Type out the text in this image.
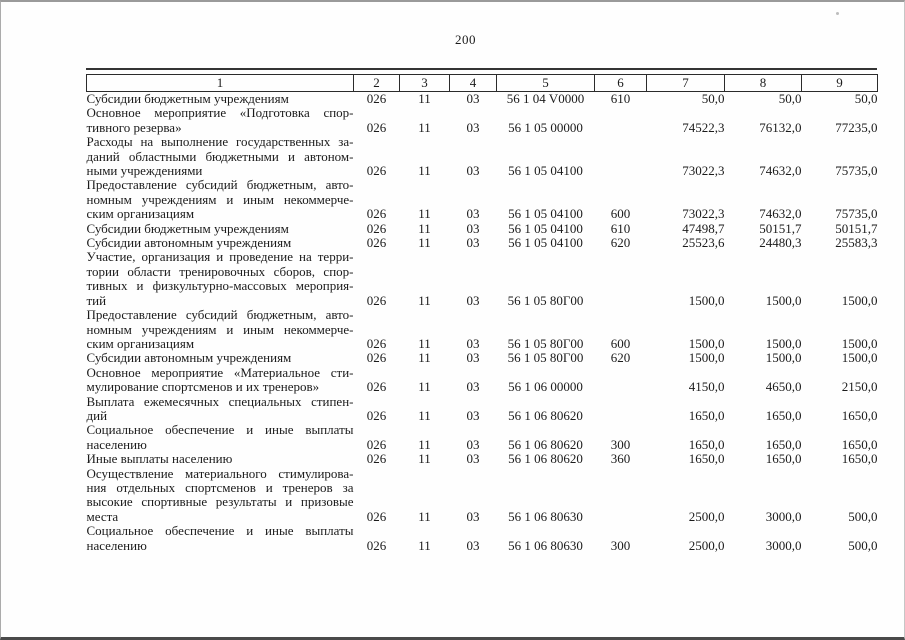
200
1	2	3	4	5	6	7	8	9

Субсидии бюджетным учреждениям	026	11	03	56 1 04 V0000	610	50,0	50,0	50,0

Основное мероприятие «Подготовка спор-
тивного резерва»	026	11	03	56 1 05 00000		74522,3	76132,0	77235,0

Расходы на выполнение государственных за-
даний областными бюджетными и автоном-
ными учреждениями	026	11	03	56 1 05 04100		73022,3	74632,0	75735,0

Предоставление субсидий бюджетным, авто-
номным учреждениям и иным некоммерче-
ским организациям	026	11	03	56 1 05 04100	600	73022,3	74632,0	75735,0

Субсидии бюджетным учреждениям	026	11	03	56 1 05 04100	610	47498,7	50151,7	50151,7

Субсидии автономным учреждениям	026	11	03	56 1 05 04100	620	25523,6	24480,3	25583,3

Участие, организация и проведение на терри-
тории области тренировочных сборов, спор-
тивных и физкультурно-массовых мероприя-
тий	026	11	03	56 1 05 80Г00		1500,0	1500,0	1500,0

Предоставление субсидий бюджетным, авто-
номным учреждениям и иным некоммерче-
ским организациям	026	11	03	56 1 05 80Г00	600	1500,0	1500,0	1500,0

Субсидии автономным учреждениям	026	11	03	56 1 05 80Г00	620	1500,0	1500,0	1500,0

Основное мероприятие «Материальное сти-
мулирование спортсменов и их тренеров»	026	11	03	56 1 06 00000		4150,0	4650,0	2150,0

Выплата ежемесячных специальных стипен-
дий	026	11	03	56 1 06 80620		1650,0	1650,0	1650,0

Социальное обеспечение и иные выплаты
населению	026	11	03	56 1 06 80620	300	1650,0	1650,0	1650,0

Иные выплаты населению	026	11	03	56 1 06 80620	360	1650,0	1650,0	1650,0

Осуществление материального стимулирова-
ния отдельных спортсменов и тренеров за
высокие спортивные результаты и призовые
места	026	11	03	56 1 06 80630		2500,0	3000,0	500,0

Социальное обеспечение и иные выплаты
населению	026	11	03	56 1 06 80630	300	2500,0	3000,0	500,0
